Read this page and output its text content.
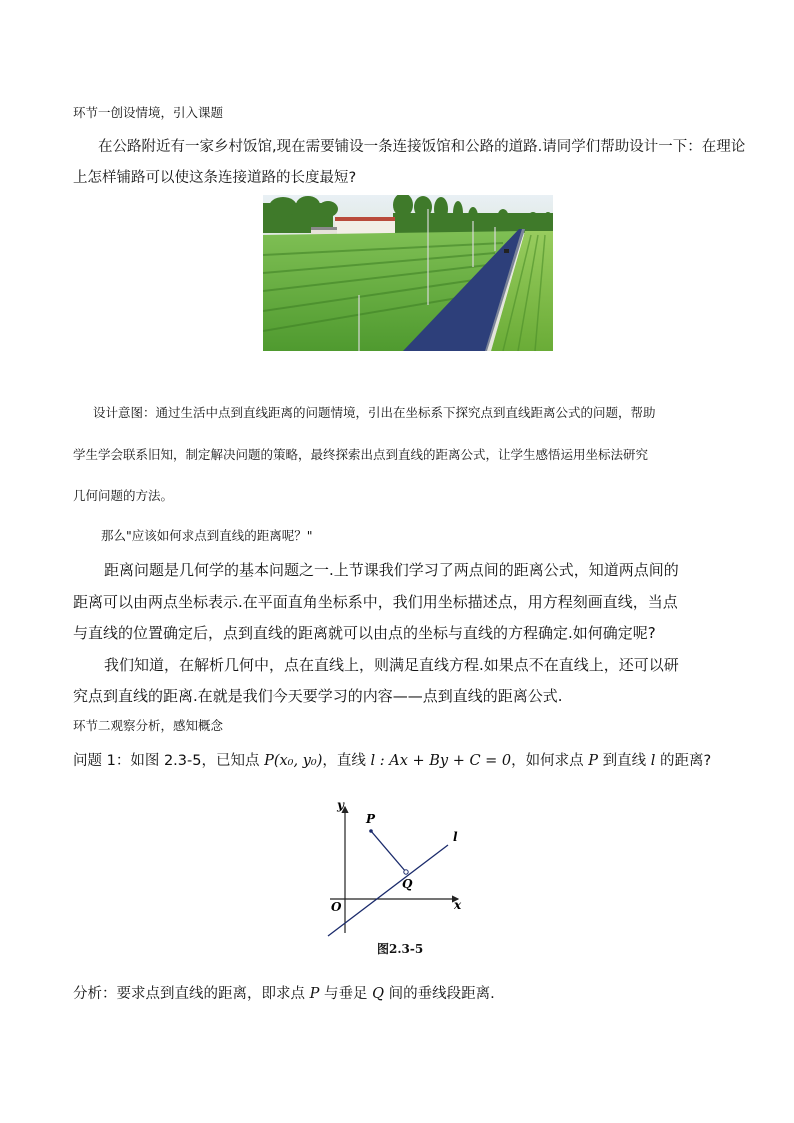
环节一创设情境，引入课题
在公路附近有一家乡村饭馆,现在需要铺设一条连接饭馆和公路的道路.请同学们帮助设计一下：在理论
上怎样铺路可以使这条连接道路的长度最短?
设计意图：通过生活中点到直线距离的问题情境，引出在坐标系下探究点到直线距离公式的问题，帮助
学生学会联系旧知，制定解决问题的策略，最终探索出点到直线的距离公式，让学生感悟运用坐标法研究
几何问题的方法。
那么"应该如何求点到直线的距离呢？"
距离问题是几何学的基本问题之一.上节课我们学习了两点间的距离公式，知道两点间的
距离可以由两点坐标表示.在平面直角坐标系中，我们用坐标描述点，用方程刻画直线，当点
与直线的位置确定后，点到直线的距离就可以由点的坐标与直线的方程确定.如何确定呢?
我们知道，在解析几何中，点在直线上，则满足直线方程.如果点不在直线上，还可以研
究点到直线的距离.在就是我们今天要学习的内容——点到直线的距离公式.
环节二观察分析，感知概念
问题 1：如图 2.3-5，已知点 P(x₀, y₀)，直线 l : Ax + By + C = 0，如何求点 P 到直线 l 的距离?
y
x
O
P
Q
l
图2.3-5
分析：要求点到直线的距离，即求点 P 与垂足 Q 间的垂线段距离.
